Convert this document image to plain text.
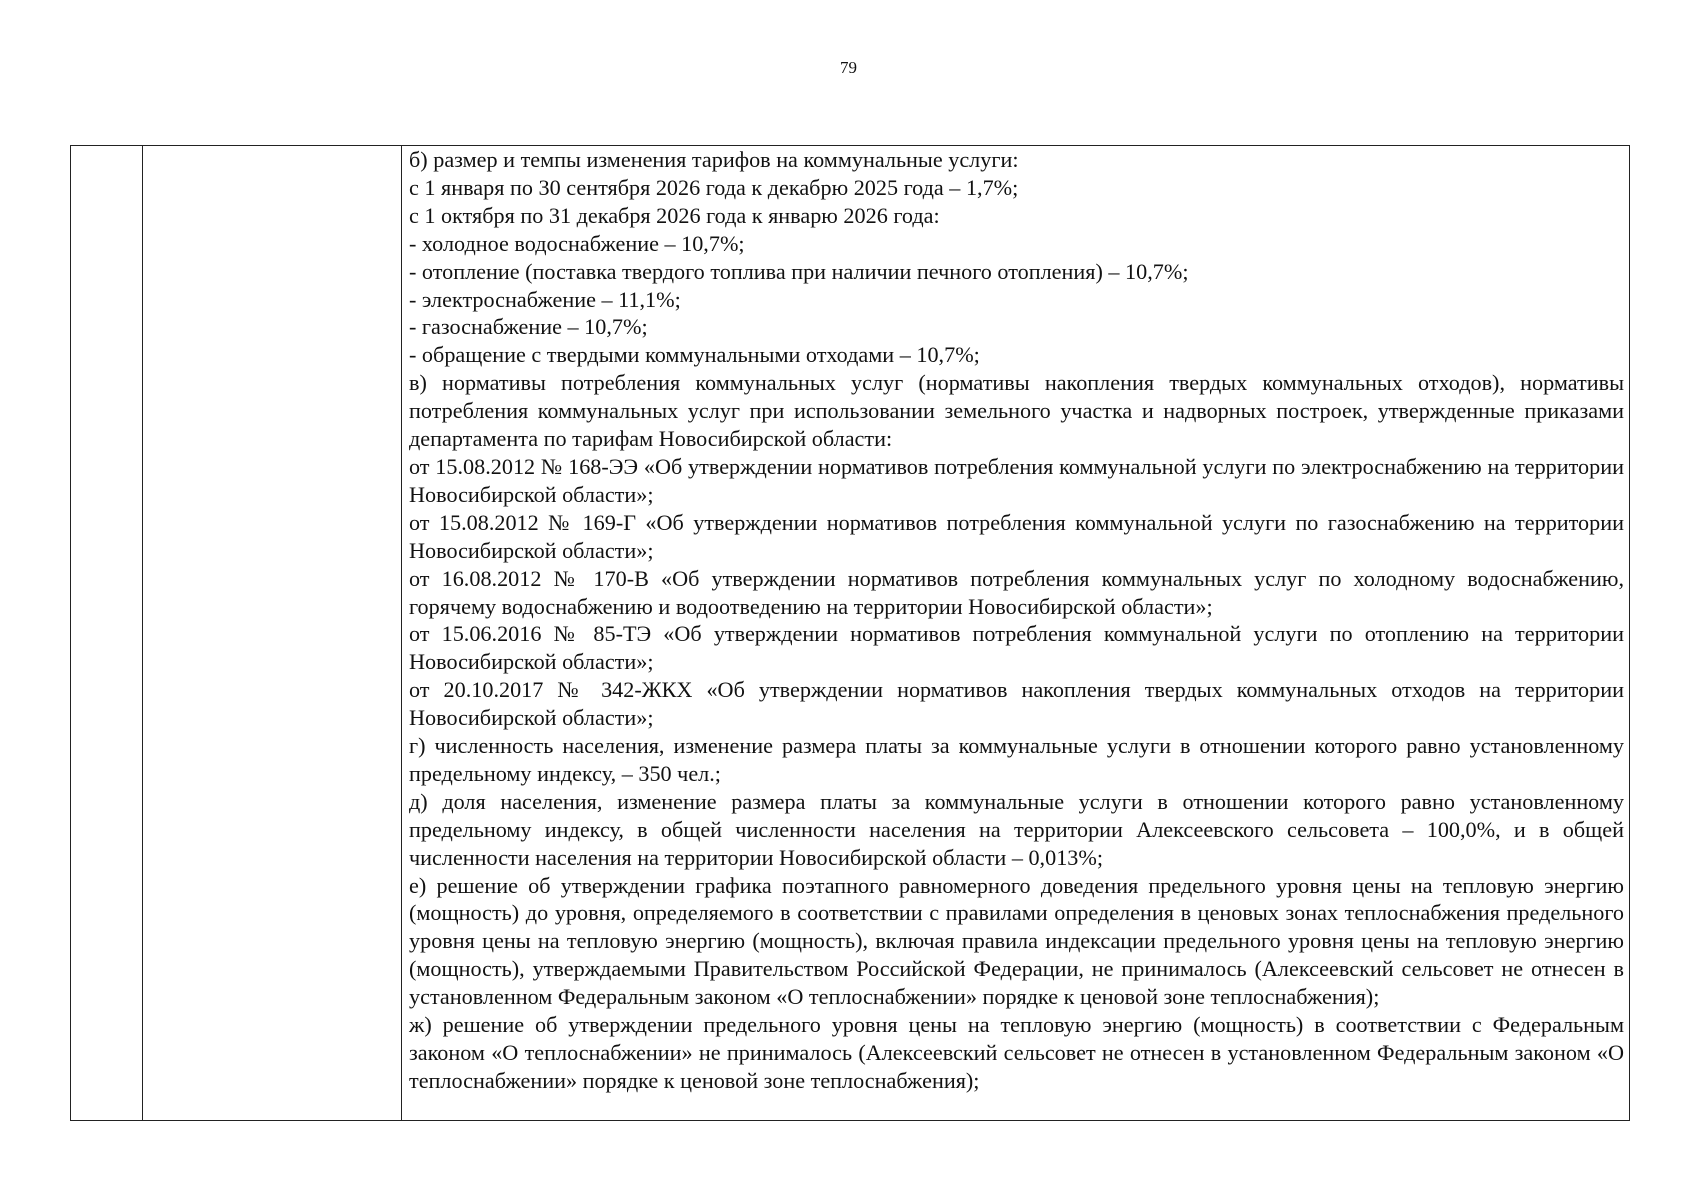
79

б) размер и темпы изменения тарифов на коммунальные услуги:

с 1 января по 30 сентября 2026 года к декабрю 2025 года – 1,7%;

с 1 октября по 31 декабря 2026 года к январю 2026 года:

- холодное водоснабжение – 10,7%;

- отопление (поставка твердого топлива при наличии печного отопления) – 10,7%;

- электроснабжение – 11,1%;

- газоснабжение – 10,7%;

- обращение с твердыми коммунальными отходами – 10,7%;

в) нормативы потребления коммунальных услуг (нормативы накопления твердых коммунальных отходов), нормативы потребления коммунальных услуг при использовании земельного участка и надворных построек, утвержденные приказами департамента по тарифам Новосибирской области:

от 15.08.2012 № 168-ЭЭ «Об утверждении нормативов потребления коммунальной услуги по электроснабжению на территории Новосибирской области»;

от 15.08.2012 № 169-Г «Об утверждении нормативов потребления коммунальной услуги по газоснабжению на территории Новосибирской области»;

от 16.08.2012 № 170-В «Об утверждении нормативов потребления коммунальных услуг по холодному водоснабжению, горячему водоснабжению и водоотведению на территории Новосибирской области»;

от 15.06.2016 № 85-ТЭ «Об утверждении нормативов потребления коммунальной услуги по отоплению на территории Новосибирской области»;

от 20.10.2017 № 342-ЖКХ «Об утверждении нормативов накопления твердых коммунальных отходов на территории Новосибирской области»;

г) численность населения, изменение размера платы за коммунальные услуги в отношении которого равно установленному предельному индексу, – 350 чел.;

д) доля населения, изменение размера платы за коммунальные услуги в отношении которого равно установленному предельному индексу, в общей численности населения на территории Алексеевского сельсовета – 100,0%, и в общей численности населения на территории Новосибирской области – 0,013%;

е) решение об утверждении графика поэтапного равномерного доведения предельного уровня цены на тепловую энергию (мощность) до уровня, определяемого в соответствии с правилами определения в ценовых зонах теплоснабжения предельного уровня цены на тепловую энергию (мощность), включая правила индексации предельного уровня цены на тепловую энергию (мощность), утверждаемыми Правительством Российской Федерации, не принималось (Алексеевский сельсовет не отнесен в установленном Федеральным законом «О теплоснабжении» порядке к ценовой зоне теплоснабжения);

ж) решение об утверждении предельного уровня цены на тепловую энергию (мощность) в соответствии с Федеральным законом «О теплоснабжении» не принималось (Алексеевский сельсовет не отнесен в установленном Федеральным законом «О теплоснабжении» порядке к ценовой зоне теплоснабжения);
